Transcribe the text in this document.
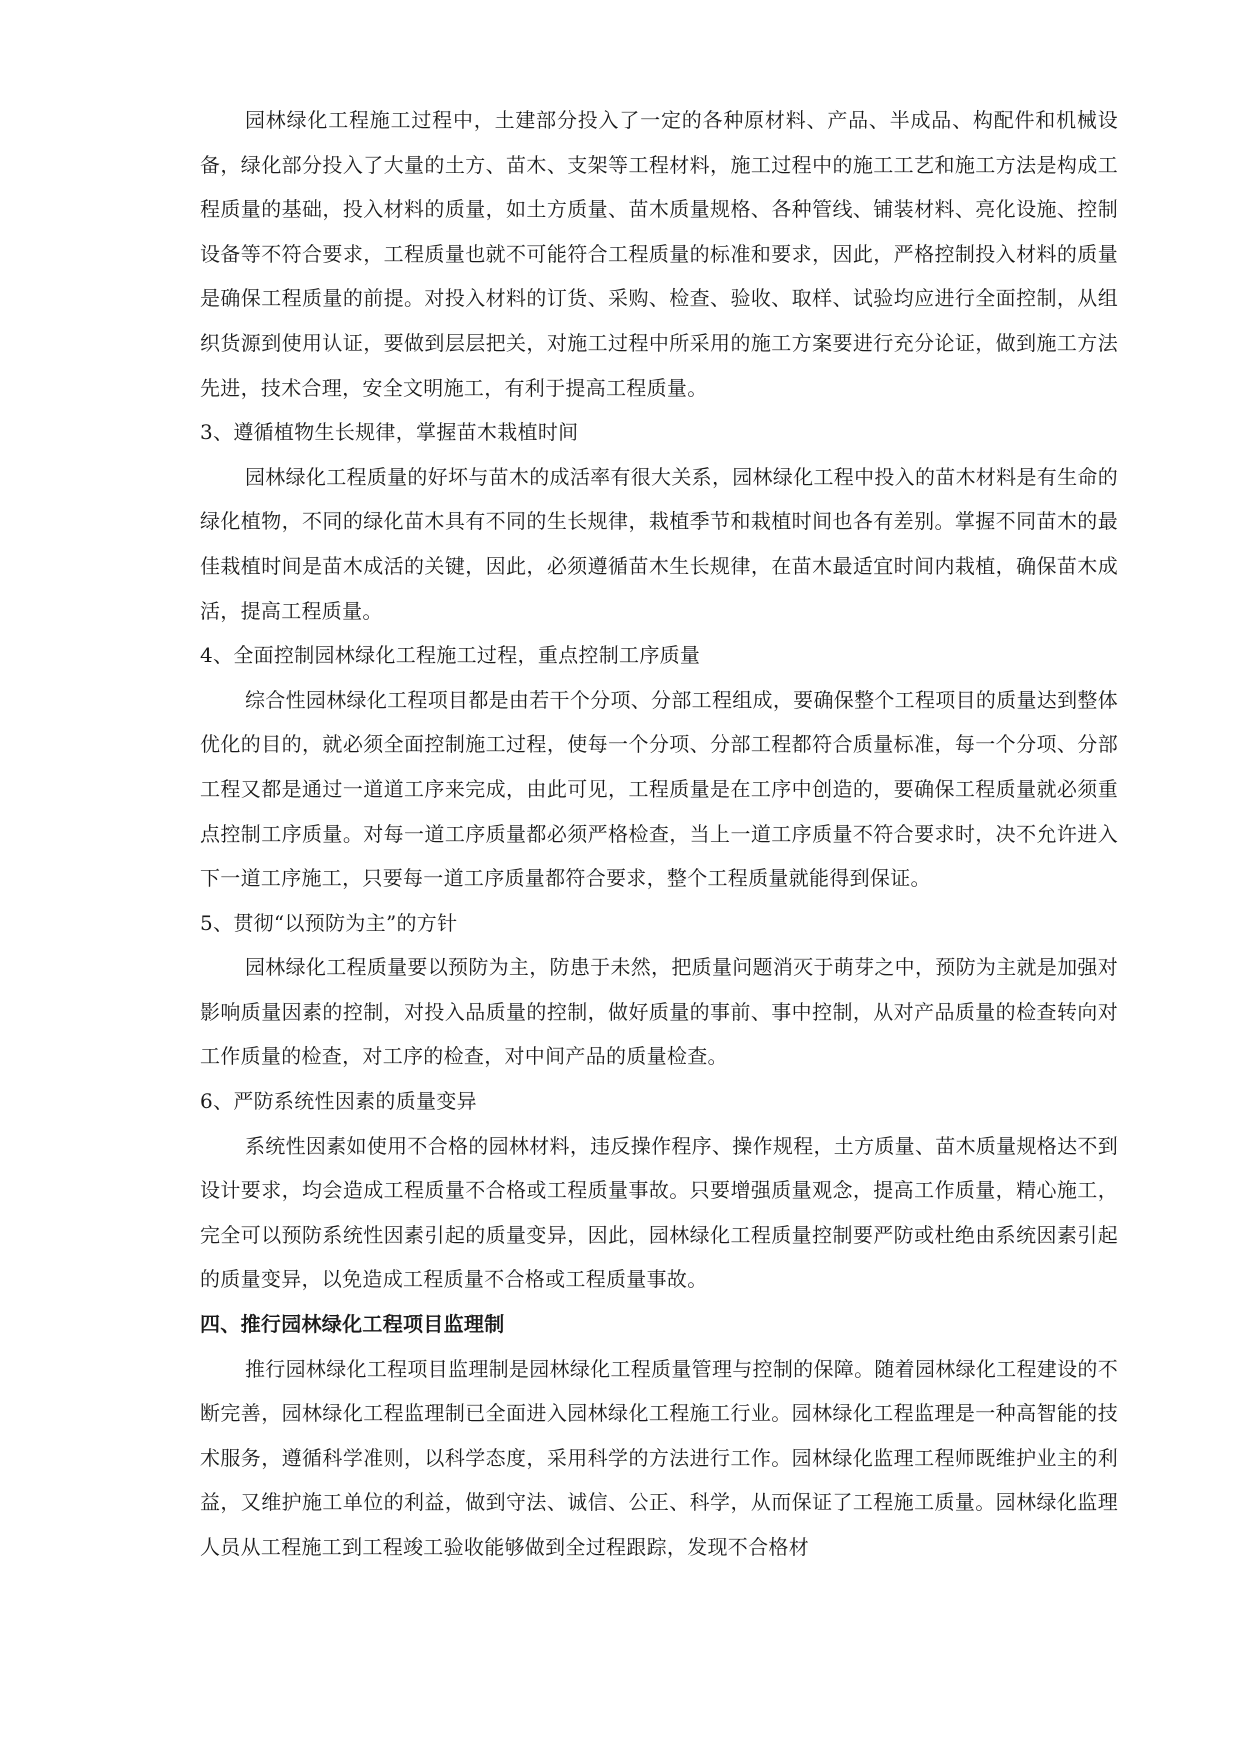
园林绿化工程施工过程中，土建部分投入了一定的各种原材料、产品、半成品、构配件和机械设备，绿化部分投入了大量的土方、苗木、支架等工程材料，施工过程中的施工工艺和施工方法是构成工程质量的基础，投入材料的质量，如土方质量、苗木质量规格、各种管线、铺装材料、亮化设施、控制设备等不符合要求，工程质量也就不可能符合工程质量的标准和要求，因此，严格控制投入材料的质量是确保工程质量的前提。对投入材料的订货、采购、检查、验收、取样、试验均应进行全面控制，从组织货源到使用认证，要做到层层把关，对施工过程中所采用的施工方案要进行充分论证，做到施工方法先进，技术合理，安全文明施工，有利于提高工程质量。

3、遵循植物生长规律，掌握苗木栽植时间

园林绿化工程质量的好坏与苗木的成活率有很大关系，园林绿化工程中投入的苗木材料是有生命的绿化植物，不同的绿化苗木具有不同的生长规律，栽植季节和栽植时间也各有差别。掌握不同苗木的最佳栽植时间是苗木成活的关键，因此，必须遵循苗木生长规律，在苗木最适宜时间内栽植，确保苗木成活，提高工程质量。

4、全面控制园林绿化工程施工过程，重点控制工序质量

综合性园林绿化工程项目都是由若干个分项、分部工程组成，要确保整个工程项目的质量达到整体优化的目的，就必须全面控制施工过程，使每一个分项、分部工程都符合质量标准，每一个分项、分部工程又都是通过一道道工序来完成，由此可见，工程质量是在工序中创造的，要确保工程质量就必须重点控制工序质量。对每一道工序质量都必须严格检查，当上一道工序质量不符合要求时，决不允许进入下一道工序施工，只要每一道工序质量都符合要求，整个工程质量就能得到保证。

5、贯彻“以预防为主”的方针

园林绿化工程质量要以预防为主，防患于未然，把质量问题消灭于萌芽之中，预防为主就是加强对影响质量因素的控制，对投入品质量的控制，做好质量的事前、事中控制，从对产品质量的检查转向对工作质量的检查，对工序的检查，对中间产品的质量检查。

6、严防系统性因素的质量变异

系统性因素如使用不合格的园林材料，违反操作程序、操作规程，土方质量、苗木质量规格达不到设计要求，均会造成工程质量不合格或工程质量事故。只要增强质量观念，提高工作质量，精心施工，完全可以预防系统性因素引起的质量变异，因此，园林绿化工程质量控制要严防或杜绝由系统因素引起的质量变异，以免造成工程质量不合格或工程质量事故。

四、推行园林绿化工程项目监理制

推行园林绿化工程项目监理制是园林绿化工程质量管理与控制的保障。随着园林绿化工程建设的不断完善，园林绿化工程监理制已全面进入园林绿化工程施工行业。园林绿化工程监理是一种高智能的技术服务，遵循科学准则，以科学态度，采用科学的方法进行工作。园林绿化监理工程师既维护业主的利益，又维护施工单位的利益，做到守法、诚信、公正、科学，从而保证了工程施工质量。园林绿化监理人员从工程施工到工程竣工验收能够做到全过程跟踪，发现不合格材
